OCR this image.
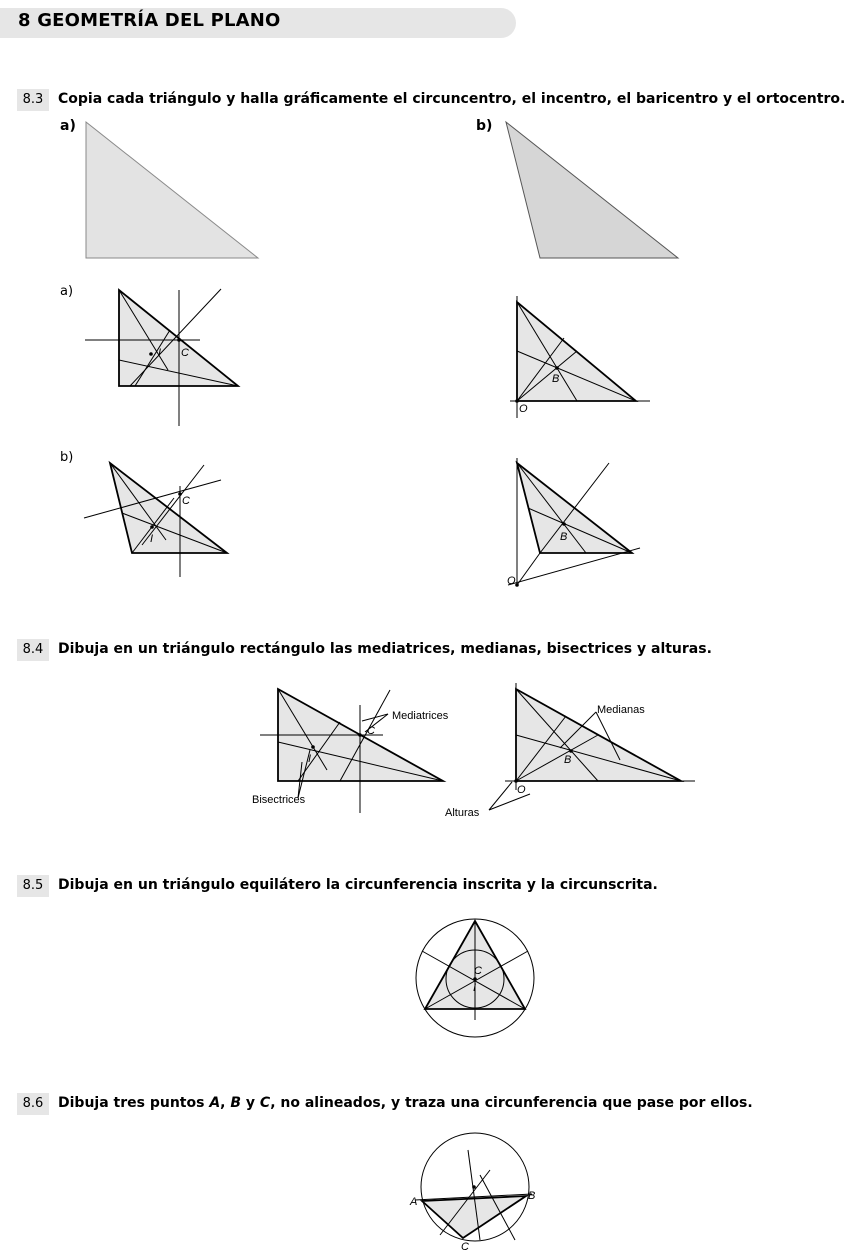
8 GEOMETRÍA DEL PLANO
8.3	Copia cada triángulo y halla gráficamente el circuncentro, el incentro, el baricentro y el ortocentro.
a)	b)
a)
b)
8.4	Dibuja en un triángulo rectángulo las mediatrices, medianas, bisectrices y alturas.
8.5	Dibuja en un triángulo equilátero la circunferencia inscrita y la circunscrita.
8.6	Dibuja tres puntos A, B y C, no alineados, y traza una circunferencia que pase por ellos.
I C
B
O
I
C
B
O
I
C
Mediatrices
Bisectrices
B
O
Medianas
Alturas
C
I
A	B
C
